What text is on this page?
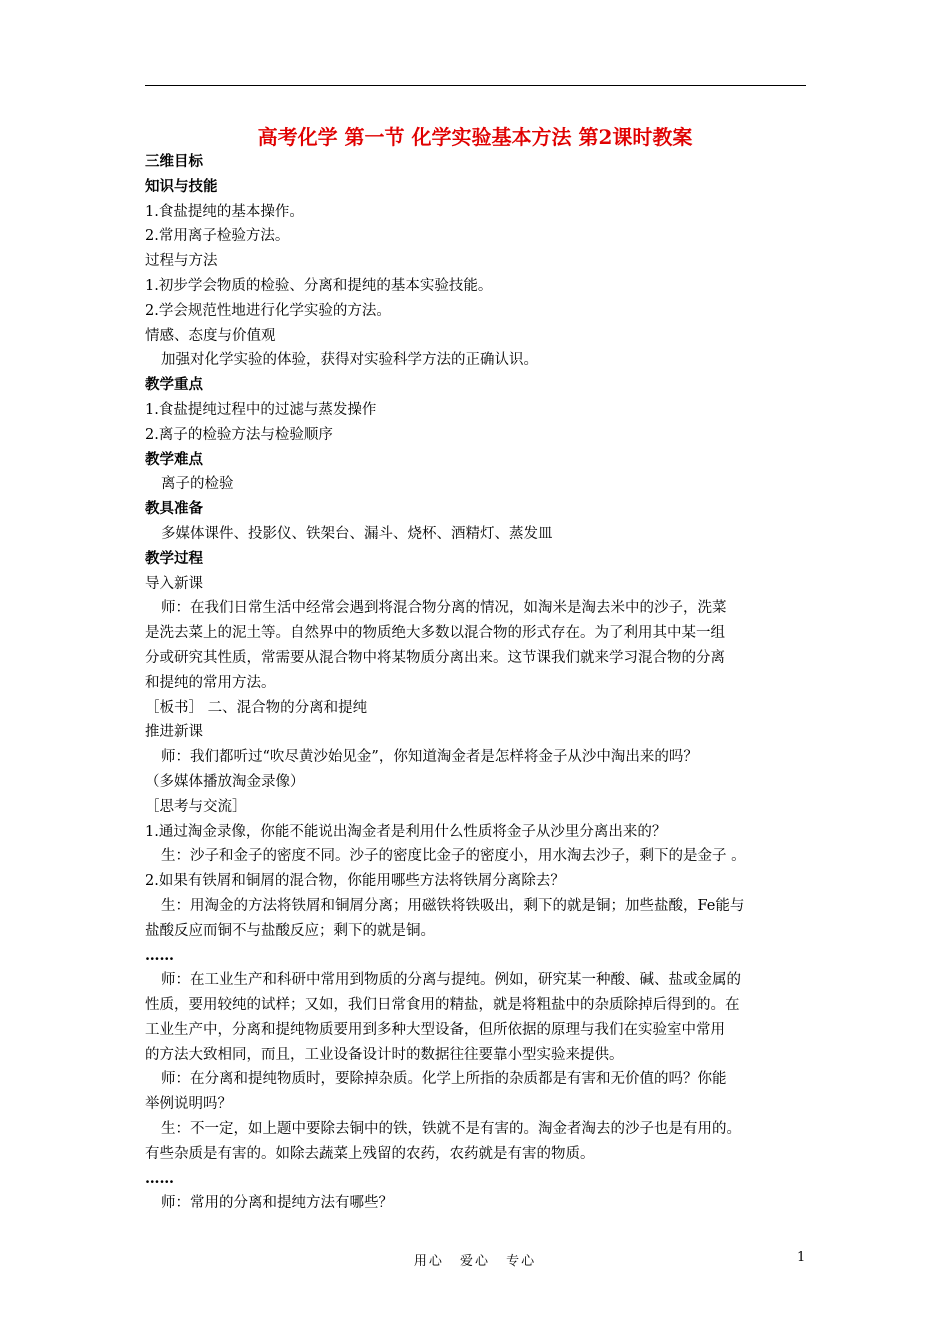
高考化学 第一节 化学实验基本方法 第2课时教案
三维目标
知识与技能
1.食盐提纯的基本操作。
2.常用离子检验方法。
过程与方法
1.初步学会物质的检验、分离和提纯的基本实验技能。
2.学会规范性地进行化学实验的方法。
情感、态度与价值观
加强对化学实验的体验，获得对实验科学方法的正确认识。
教学重点
1.食盐提纯过程中的过滤与蒸发操作
2.离子的检验方法与检验顺序
教学难点
离子的检验
教具准备
多媒体课件、投影仪、铁架台、漏斗、烧杯、酒精灯、蒸发皿
教学过程
导入新课
师：在我们日常生活中经常会遇到将混合物分离的情况，如淘米是淘去米中的沙子，洗菜
是洗去菜上的泥土等。自然界中的物质绝大多数以混合物的形式存在。为了利用其中某一组
分或研究其性质，常需要从混合物中将某物质分离出来。这节课我们就来学习混合物的分离
和提纯的常用方法。
［板书］ 二、混合物的分离和提纯
推进新课
师：我们都听过“吹尽黄沙始见金”，你知道淘金者是怎样将金子从沙中淘出来的吗？
（多媒体播放淘金录像）
［思考与交流］
1.通过淘金录像，你能不能说出淘金者是利用什么性质将金子从沙里分离出来的？
生：沙子和金子的密度不同。沙子的密度比金子的密度小，用水淘去沙子，剩下的是金子 。
2.如果有铁屑和铜屑的混合物，你能用哪些方法将铁屑分离除去？
生：用淘金的方法将铁屑和铜屑分离；用磁铁将铁吸出，剩下的就是铜；加些盐酸，Fe能与
盐酸反应而铜不与盐酸反应；剩下的就是铜。
……
师：在工业生产和科研中常用到物质的分离与提纯。例如，研究某一种酸、碱、盐或金属的
性质，要用较纯的试样；又如，我们日常食用的精盐，就是将粗盐中的杂质除掉后得到的。在
工业生产中，分离和提纯物质要用到多种大型设备，但所依据的原理与我们在实验室中常用
的方法大致相同，而且，工业设备设计时的数据往往要靠小型实验来提供。
师：在分离和提纯物质时，要除掉杂质。化学上所指的杂质都是有害和无价值的吗？你能
举例说明吗？
生：不一定，如上题中要除去铜中的铁，铁就不是有害的。淘金者淘去的沙子也是有用的。
有些杂质是有害的。如除去蔬菜上残留的农药，农药就是有害的物质。
……
师：常用的分离和提纯方法有哪些？
用心 爱心 专心	1
